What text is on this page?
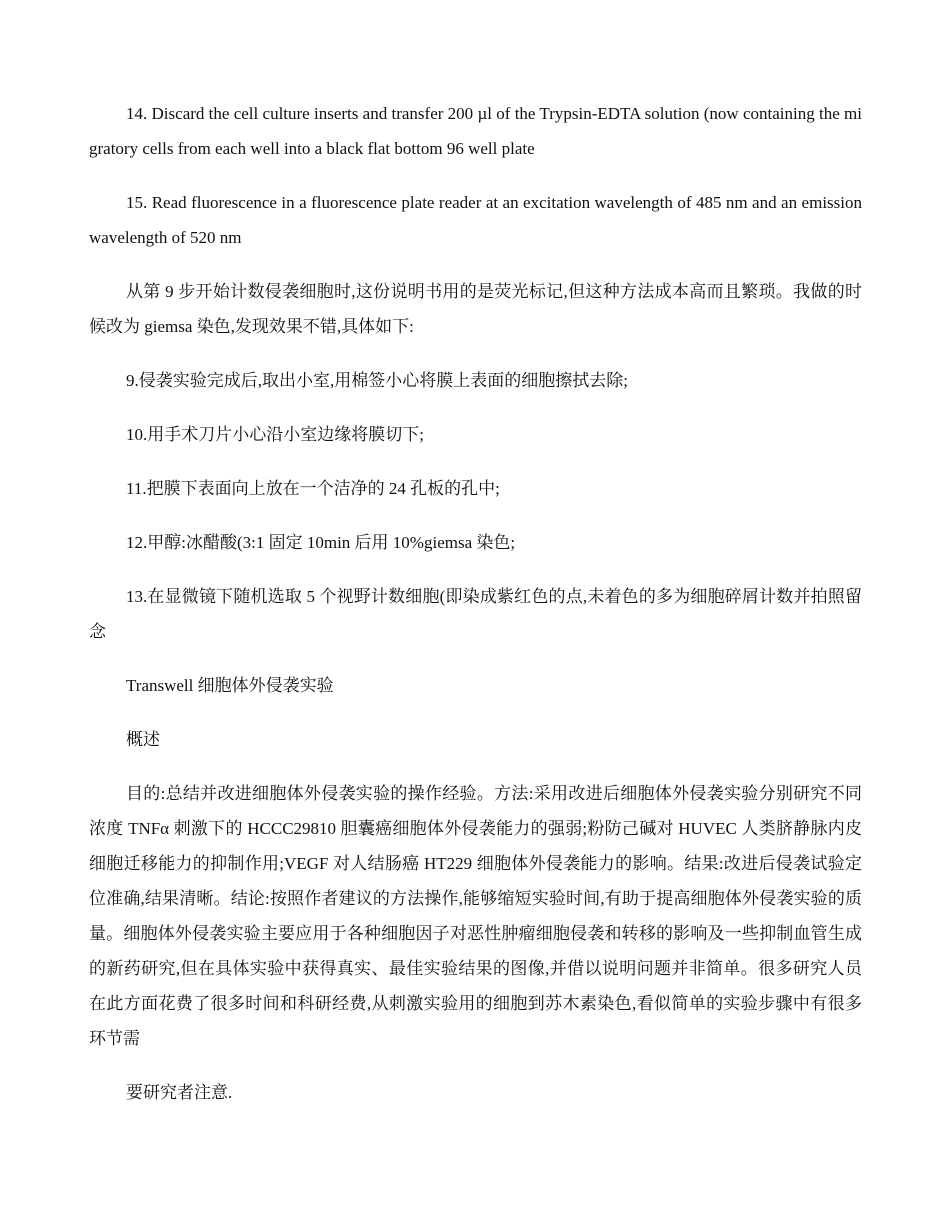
14. Discard the cell culture inserts and transfer 200 µl of the Trypsin-EDTA solution (now containing the migratory cells from each well into a black flat bottom 96 well plate

15. Read fluorescence in a fluorescence plate reader at an excitation wavelength of 485 nm and an emission wavelength of 520 nm

从第 9 步开始计数侵袭细胞时,这份说明书用的是荧光标记,但这种方法成本高而且繁琐。我做的时候改为 giemsa 染色,发现效果不错,具体如下:

9.侵袭实验完成后,取出小室,用棉签小心将膜上表面的细胞擦拭去除;

10.用手术刀片小心沿小室边缘将膜切下;

11.把膜下表面向上放在一个洁净的 24 孔板的孔中;

12.甲醇:冰醋酸(3:1 固定 10min 后用 10%giemsa 染色;

13.在显微镜下随机选取 5 个视野计数细胞(即染成紫红色的点,未着色的多为细胞碎屑计数并拍照留念

Transwell 细胞体外侵袭实验

概述

目的:总结并改进细胞体外侵袭实验的操作经验。方法:采用改进后细胞体外侵袭实验分别研究不同浓度 TNFα 刺激下的 HCCC29810 胆囊癌细胞体外侵袭能力的强弱;粉防己碱对 HUVEC 人类脐静脉内皮细胞迁移能力的抑制作用;VEGF 对人结肠癌 HT229 细胞体外侵袭能力的影响。结果:改进后侵袭试验定位准确,结果清晰。结论:按照作者建议的方法操作,能够缩短实验时间,有助于提高细胞体外侵袭实验的质量。细胞体外侵袭实验主要应用于各种细胞因子对恶性肿瘤细胞侵袭和转移的影响及一些抑制血管生成的新药研究,但在具体实验中获得真实、最佳实验结果的图像,并借以说明问题并非简单。很多研究人员在此方面花费了很多时间和科研经费,从刺激实验用的细胞到苏木素染色,看似简单的实验步骤中有很多环节需

要研究者注意.
